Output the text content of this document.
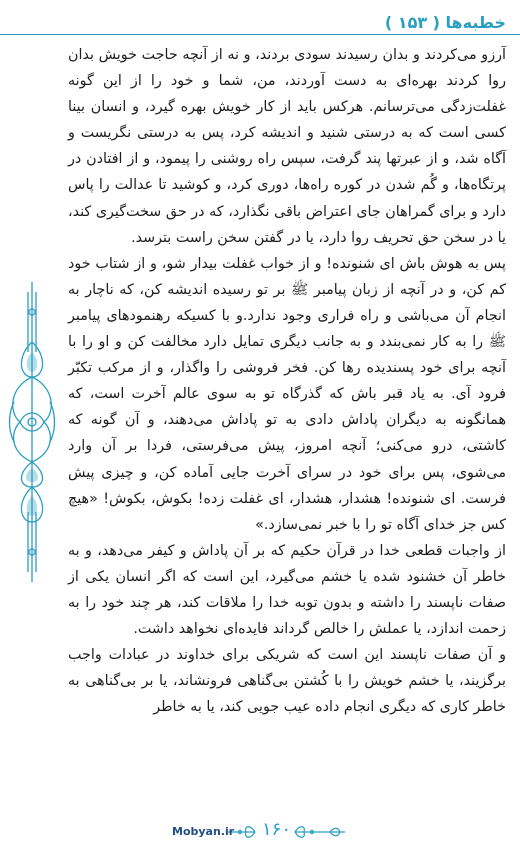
خطبه‌ها ( ۱۵۳ )

آرزو می‌کردند و بدان رسیدند سودی بردند، و نه از آنچه حاجت خویش بدان روا کردند بهره‌ای به دست آوردند، من، شما و خود را از این گونه غفلت‌زدگی می‌ترسانم. هرکس باید از کار خویش بهره گیرد، و انسان بینا کسی است که به درستی شنید و اندیشه کرد، پس به درستی نگریست و آگاه شد، و از عبرتها پند گرفت، سپس راه روشنی را پیمود، و از افتادن در پرتگاه‌ها، و گُم شدن در کوره راه‌ها، دوری کرد، و کوشید تا عدالت را پاس دارد و برای گمراهان جای اعتراض باقی نگذارد، که در حق سخت‌گیری کند، یا در سخن حق تحریف روا دارد، یا در گفتن سخن راست بترسد.

پس به هوش باش ای شنونده! و از خواب غفلت بیدار شو، و از شتاب خود کم کن، و در آنچه از زبان پیامبر ﷺ بر تو رسیده اندیشه کن، که ناچار به انجام آن می‌باشی و راه فراری وجود ندارد.و با کسیکه رهنمودهای پیامبر ﷺ را به کار نمی‌بندد و به جانب دیگری تمایل دارد مخالفت کن و او را با آنچه برای خود پسندیده رها کن. فخر فروشی را واگذار، و از مرکب تکبّر فرود آی. به یاد قبر باش که گذرگاه تو به سوی عالم آخرت است، که همانگونه به دیگران پاداش دادی به تو پاداش می‌دهند، و آن گونه که کاشتی، درو می‌کنی؛ آنچه امروز، پیش می‌فرستی، فردا بر آن وارد می‌شوی، پس برای خود در سرای آخرت جایی آماده کن، و چیزی پیش فرست. ای شنونده! هشدار، هشدار، ای غفلت زده! بکوش، بکوش! «هیچ کس جز خدای آگاه تو را با خبر نمی‌سازد.»

از واجبات قطعی خدا در قرآن حکیم که بر آن پاداش و کیفر می‌دهد، و به خاطر آن خشنود شده یا خشم می‌گیرد، این است که اگر انسان یکی از صفات ناپسند را داشته و بدون توبه خدا را ملاقات کند، هر چند خود را به زحمت اندازد، یا عملش را خالص گرداند فایده‌ای نخواهد داشت.

و آن صفات ناپسند این است که شریکی برای خداوند در عبادات واجب برگزیند، یا خشم خویش را با کُشتن بی‌گناهی فرونشاند، یا بر بی‌گناهی به خاطر کاری که دیگری انجام داده عیب جویی کند، یا به خاطر

Mobyan.ir ۱۶۰
